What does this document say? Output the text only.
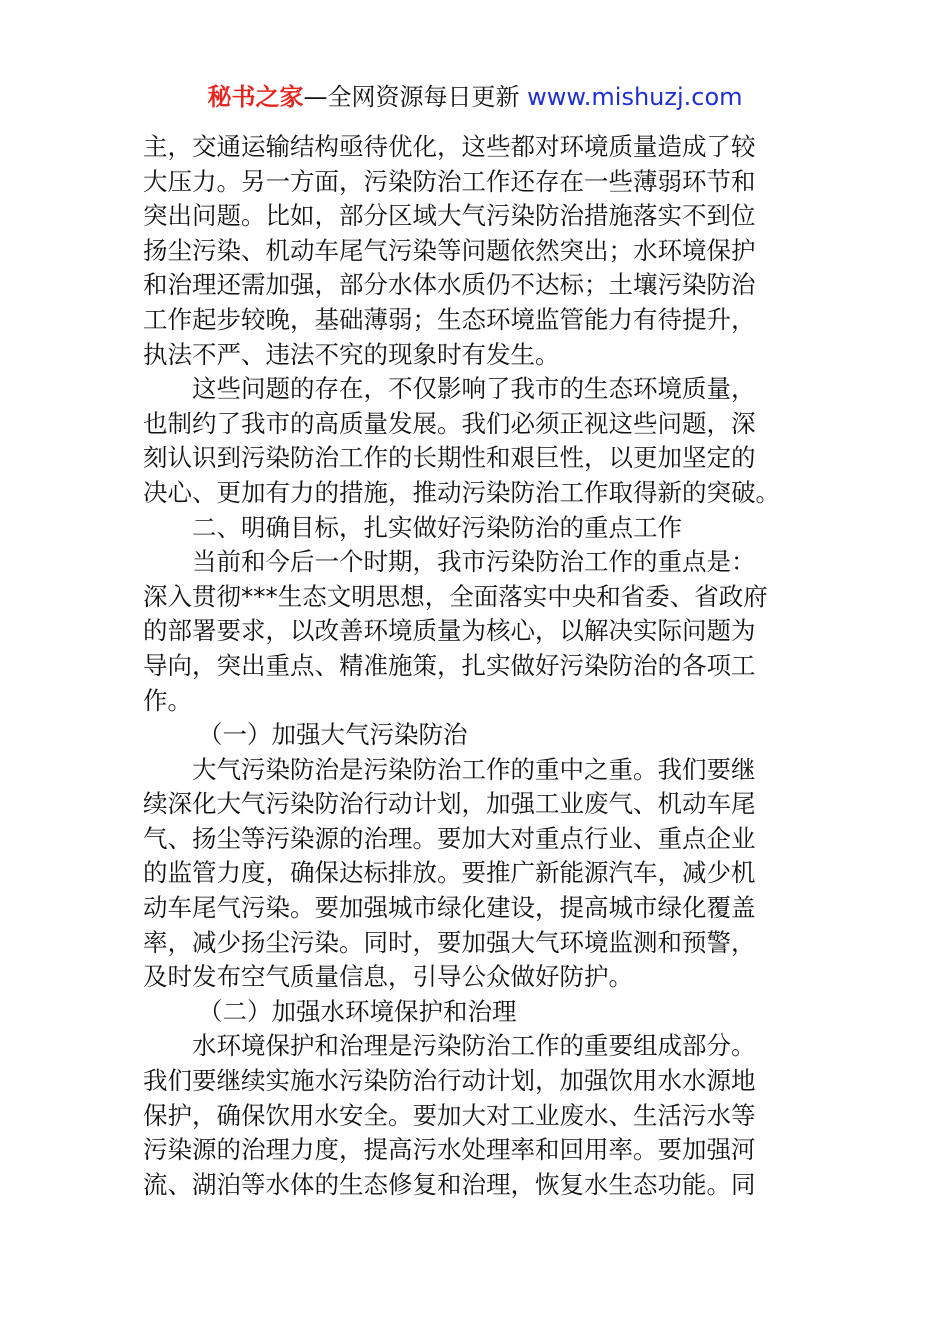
秘书之家—全网资源每日更新 www.mishuzj.com

主，交通运输结构亟待优化，这些都对环境质量造成了较
大压力。另一方面，污染防治工作还存在一些薄弱环节和
突出问题。比如，部分区域大气污染防治措施落实不到位
扬尘污染、机动车尾气污染等问题依然突出；水环境保护
和治理还需加强，部分水体水质仍不达标；土壤污染防治
工作起步较晚，基础薄弱；生态环境监管能力有待提升，
执法不严、违法不究的现象时有发生。

这些问题的存在，不仅影响了我市的生态环境质量，
也制约了我市的高质量发展。我们必须正视这些问题，深
刻认识到污染防治工作的长期性和艰巨性，以更加坚定的
决心、更加有力的措施，推动污染防治工作取得新的突破。

二、明确目标，扎实做好污染防治的重点工作

当前和今后一个时期，我市污染防治工作的重点是：
深入贯彻***生态文明思想，全面落实中央和省委、省政府
的部署要求，以改善环境质量为核心，以解决实际问题为
导向，突出重点、精准施策，扎实做好污染防治的各项工
作。

（一）加强大气污染防治

大气污染防治是污染防治工作的重中之重。我们要继
续深化大气污染防治行动计划，加强工业废气、机动车尾
气、扬尘等污染源的治理。要加大对重点行业、重点企业
的监管力度，确保达标排放。要推广新能源汽车，减少机
动车尾气污染。要加强城市绿化建设，提高城市绿化覆盖
率，减少扬尘污染。同时，要加强大气环境监测和预警，
及时发布空气质量信息，引导公众做好防护。

（二）加强水环境保护和治理

水环境保护和治理是污染防治工作的重要组成部分。
我们要继续实施水污染防治行动计划，加强饮用水水源地
保护，确保饮用水安全。要加大对工业废水、生活污水等
污染源的治理力度，提高污水处理率和回用率。要加强河
流、湖泊等水体的生态修复和治理，恢复水生态功能。同
